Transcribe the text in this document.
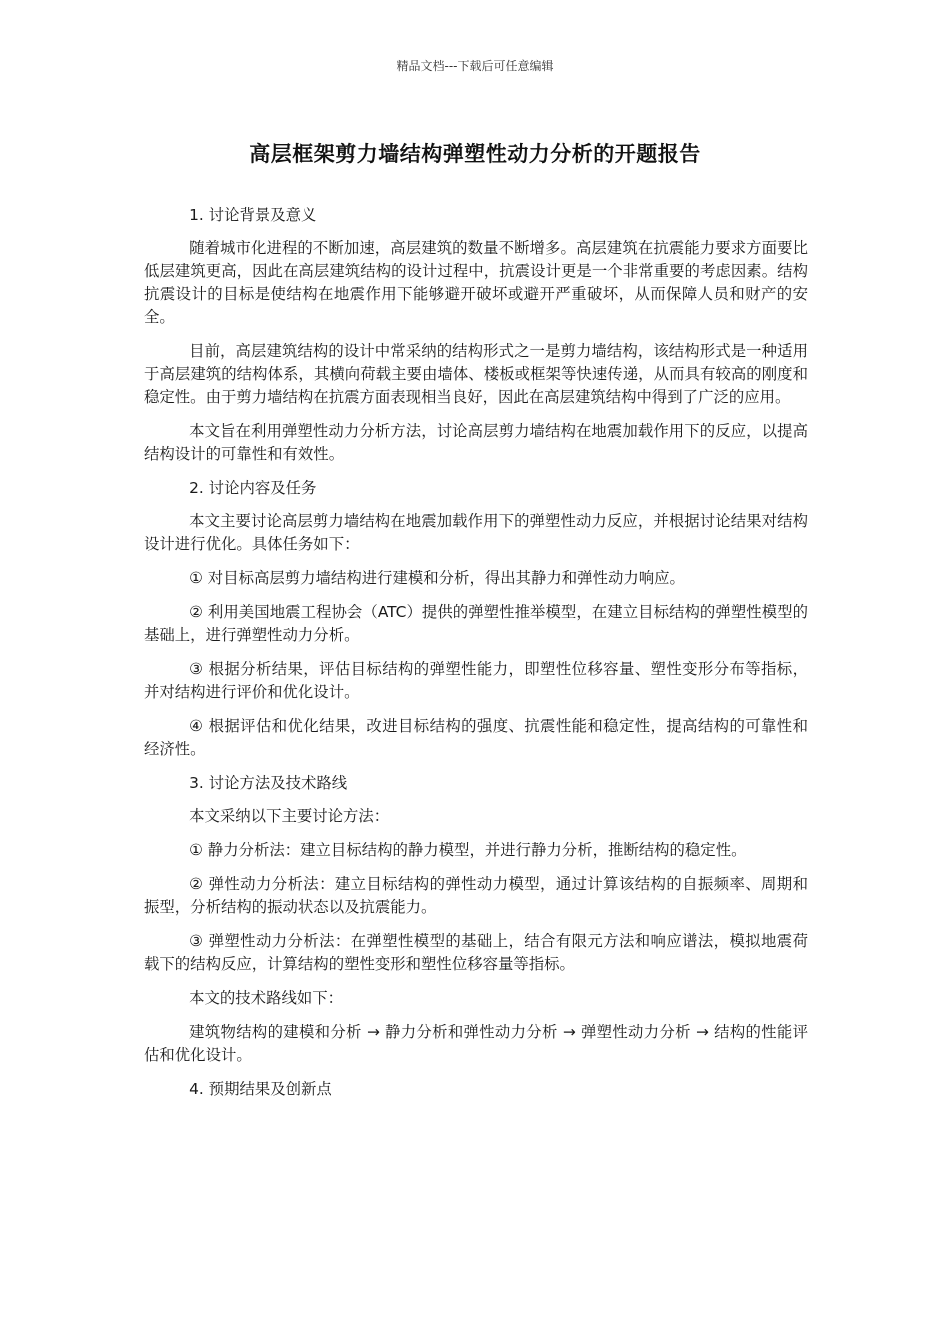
精品文档---下载后可任意编辑

高层框架剪力墙结构弹塑性动力分析的开题报告

1. 讨论背景及意义

随着城市化进程的不断加速，高层建筑的数量不断增多。高层建筑在抗震能力要求方面要比低层建筑更高，因此在高层建筑结构的设计过程中，抗震设计更是一个非常重要的考虑因素。结构抗震设计的目标是使结构在地震作用下能够避开破坏或避开严重破坏，从而保障人员和财产的安全。

目前，高层建筑结构的设计中常采纳的结构形式之一是剪力墙结构，该结构形式是一种适用于高层建筑的结构体系，其横向荷载主要由墙体、楼板或框架等快速传递，从而具有较高的刚度和稳定性。由于剪力墙结构在抗震方面表现相当良好，因此在高层建筑结构中得到了广泛的应用。

本文旨在利用弹塑性动力分析方法，讨论高层剪力墙结构在地震加载作用下的反应，以提高结构设计的可靠性和有效性。

2. 讨论内容及任务

本文主要讨论高层剪力墙结构在地震加载作用下的弹塑性动力反应，并根据讨论结果对结构设计进行优化。具体任务如下：

① 对目标高层剪力墙结构进行建模和分析，得出其静力和弹性动力响应。

② 利用美国地震工程协会（ATC）提供的弹塑性推举模型，在建立目标结构的弹塑性模型的基础上，进行弹塑性动力分析。

③ 根据分析结果，评估目标结构的弹塑性能力，即塑性位移容量、塑性变形分布等指标，并对结构进行评价和优化设计。

④ 根据评估和优化结果，改进目标结构的强度、抗震性能和稳定性，提高结构的可靠性和经济性。

3. 讨论方法及技术路线

本文采纳以下主要讨论方法：

① 静力分析法：建立目标结构的静力模型，并进行静力分析，推断结构的稳定性。

② 弹性动力分析法：建立目标结构的弹性动力模型，通过计算该结构的自振频率、周期和振型，分析结构的振动状态以及抗震能力。

③ 弹塑性动力分析法：在弹塑性模型的基础上，结合有限元方法和响应谱法，模拟地震荷载下的结构反应，计算结构的塑性变形和塑性位移容量等指标。

本文的技术路线如下：

建筑物结构的建模和分析 → 静力分析和弹性动力分析 → 弹塑性动力分析 → 结构的性能评估和优化设计。

4. 预期结果及创新点
